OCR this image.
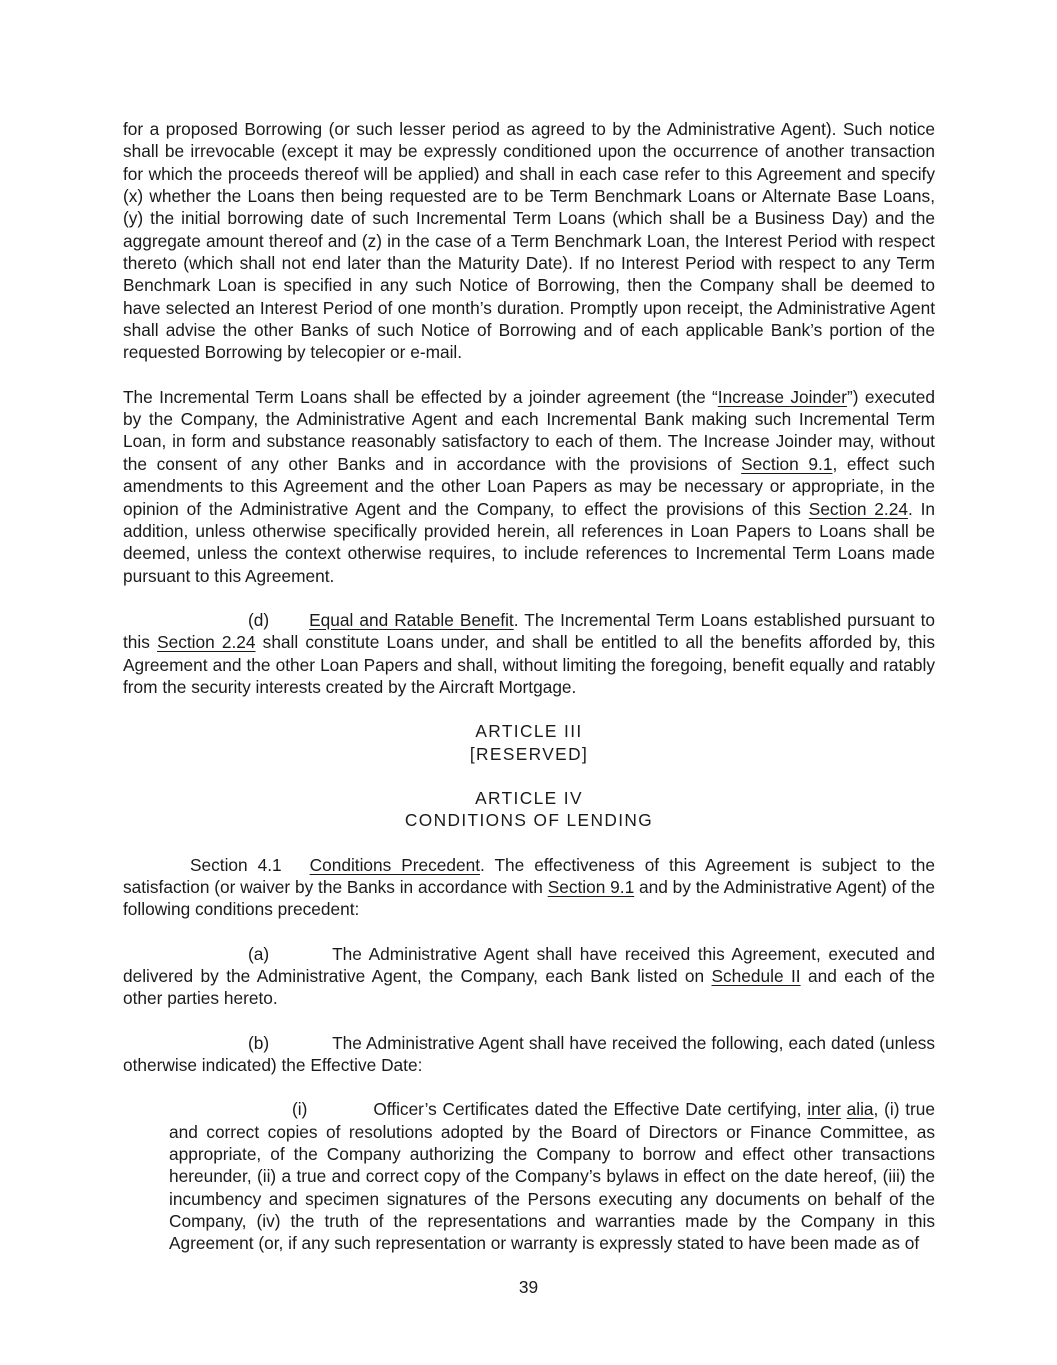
for a proposed Borrowing (or such lesser period as agreed to by the Administrative Agent). Such notice shall be irrevocable (except it may be expressly conditioned upon the occurrence of another transaction for which the proceeds thereof will be applied) and shall in each case refer to this Agreement and specify (x) whether the Loans then being requested are to be Term Benchmark Loans or Alternate Base Loans, (y) the initial borrowing date of such Incremental Term Loans (which shall be a Business Day) and the aggregate amount thereof and (z) in the case of a Term Benchmark Loan, the Interest Period with respect thereto (which shall not end later than the Maturity Date). If no Interest Period with respect to any Term Benchmark Loan is specified in any such Notice of Borrowing, then the Company shall be deemed to have selected an Interest Period of one month’s duration. Promptly upon receipt, the Administrative Agent shall advise the other Banks of such Notice of Borrowing and of each applicable Bank’s portion of the requested Borrowing by telecopier or e-mail.

The Incremental Term Loans shall be effected by a joinder agreement (the “Increase Joinder”) executed by the Company, the Administrative Agent and each Incremental Bank making such Incremental Term Loan, in form and substance reasonably satisfactory to each of them. The Increase Joinder may, without the consent of any other Banks and in accordance with the provisions of Section 9.1, effect such amendments to this Agreement and the other Loan Papers as may be necessary or appropriate, in the opinion of the Administrative Agent and the Company, to effect the provisions of this Section 2.24. In addition, unless otherwise specifically provided herein, all references in Loan Papers to Loans shall be deemed, unless the context otherwise requires, to include references to Incremental Term Loans made pursuant to this Agreement.

(d) Equal and Ratable Benefit. The Incremental Term Loans established pursuant to this Section 2.24 shall constitute Loans under, and shall be entitled to all the benefits afforded by, this Agreement and the other Loan Papers and shall, without limiting the foregoing, benefit equally and ratably from the security interests created by the Aircraft Mortgage.

ARTICLE III

[RESERVED]

ARTICLE IV

CONDITIONS OF LENDING

Section 4.1 Conditions Precedent. The effectiveness of this Agreement is subject to the satisfaction (or waiver by the Banks in accordance with Section 9.1 and by the Administrative Agent) of the following conditions precedent:

(a)	The Administrative Agent shall have received this Agreement, executed and delivered by the Administrative Agent, the Company, each Bank listed on Schedule II and each of the other parties hereto.

(b)	The Administrative Agent shall have received the following, each dated (unless otherwise indicated) the Effective Date:

(i)	Officer’s Certificates dated the Effective Date certifying, inter alia, (i) true and correct copies of resolutions adopted by the Board of Directors or Finance Committee, as appropriate, of the Company authorizing the Company to borrow and effect other transactions hereunder, (ii) a true and correct copy of the Company’s bylaws in effect on the date hereof, (iii) the incumbency and specimen signatures of the Persons executing any documents on behalf of the Company, (iv) the truth of the representations and warranties made by the Company in this Agreement (or, if any such representation or warranty is expressly stated to have been made as of

39
